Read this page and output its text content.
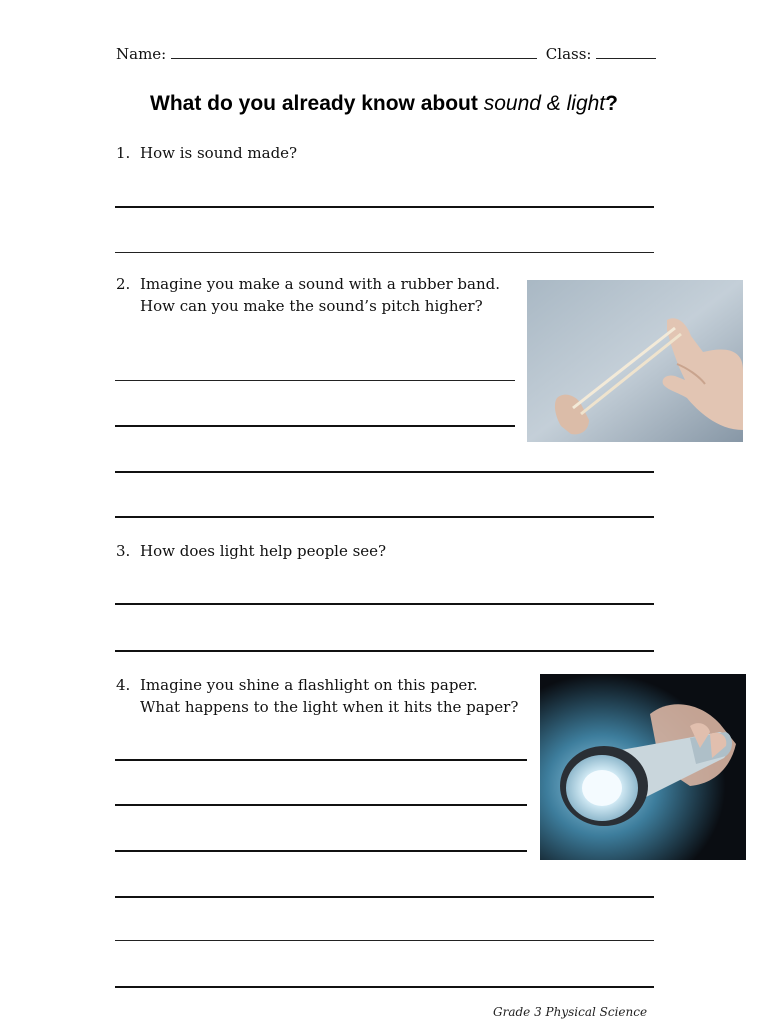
Name:	Class:
What do you already know about sound & light?
1. How is sound made?
2. Imagine you make a sound with a rubber band.
How can you make the sound’s pitch higher?
3. How does light help people see?
4. Imagine you shine a flashlight on this paper.
What happens to the light when it hits the paper?
Grade 3 Physical Science
